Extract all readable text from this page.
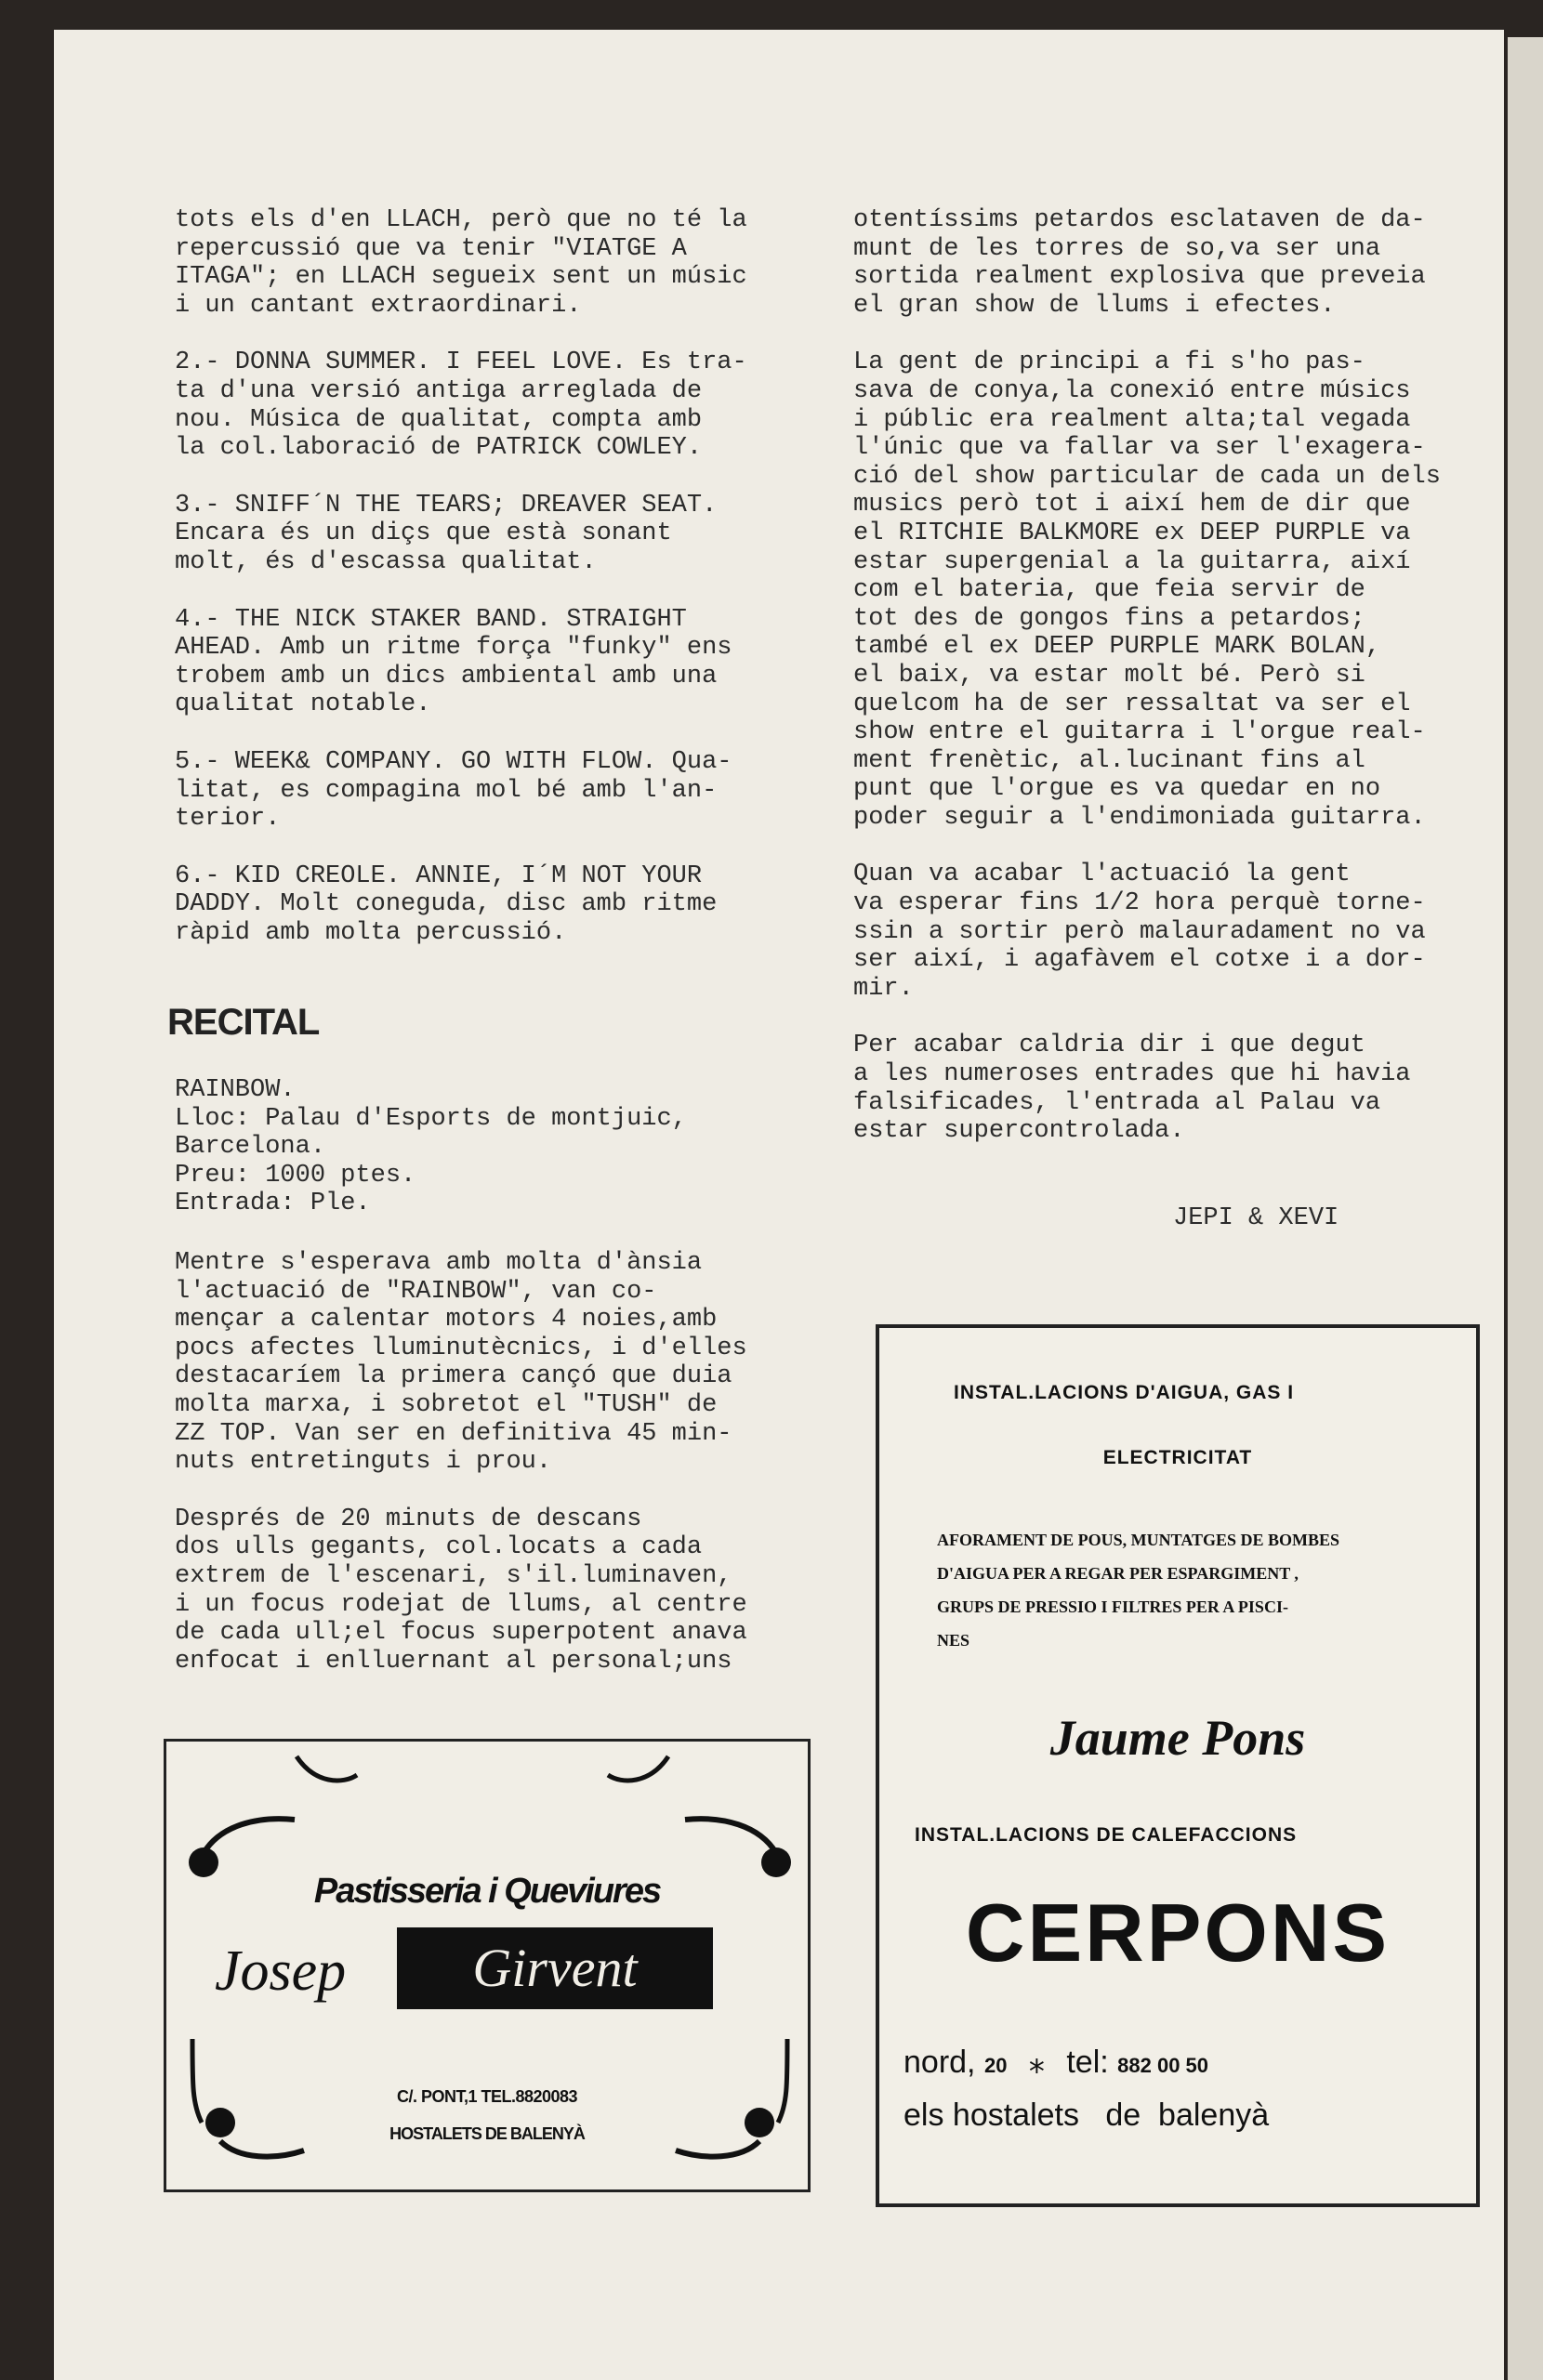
tots els d'en LLACH, però que no té la
repercussió que va tenir "VIATGE A
ITAGA"; en LLACH segueix sent un músic
i un cantant extraordinari.

2.- DONNA SUMMER. I FEEL LOVE. Es tra-
ta d'una versió antiga arreglada de
nou. Música de qualitat, compta amb
la col.laboració de PATRICK COWLEY.

3.- SNIFF´N THE TEARS; DREAVER SEAT.
Encara és un diçs que està sonant
molt, és d'escassa qualitat.

4.- THE NICK STAKER BAND. STRAIGHT
AHEAD. Amb un ritme força "funky" ens
trobem amb un dics ambiental amb una
qualitat notable.

5.- WEEK& COMPANY. GO WITH FLOW. Qua-
litat, es compagina mol bé amb l'an-
terior.

6.- KID CREOLE. ANNIE, I´M NOT YOUR
DADDY. Molt coneguda, disc amb ritme
ràpid amb molta percussió.

RECITAL
RAINBOW.
Lloc: Palau d'Esports de montjuic,
Barcelona.
Preu: 1000 ptes.
Entrada: Ple.

Mentre s'esperava amb molta d'ànsia l'actuació de "RAINBOW", van co-
mençar a calentar motors 4 noies,amb
pocs afectes lluminutècnics, i d'elles
destacaríem la primera cançó que duia
molta marxa, i sobretot el "TUSH" de
ZZ TOP. Van ser en definitiva 45 min-
nuts entretinguts i prou.

Després de 20 minuts de descans
dos ulls gegants, col.locats a cada
extrem de l'escenari, s'il.luminaven,
i un focus rodejat de llums, al centre
de cada ull;el focus superpotent anava
enfocat i enlluernant al personal;uns

otentíssims petardos esclataven de da-
munt de les torres de so,va ser una
sortida realment explosiva que preveia
el gran show de llums i efectes.

La gent de principi a fi s'ho pas-
sava de conya,la conexió entre músics
i públic era realment alta;tal vegada
l'únic que va fallar va ser l'exagera-
ció del show particular de cada un dels
musics però tot i així hem de dir que
el RITCHIE BALKMORE ex DEEP PURPLE va
estar supergenial a la guitarra, així
com el bateria, que feia servir de
tot des de gongos fins a petardos;
també el ex DEEP PURPLE MARK BOLAN,
el baix, va estar molt bé. Però si
quelcom ha de ser ressaltat va ser el
show entre el guitarra i l'orgue real-
ment frenètic, al.lucinant fins al
punt que l'orgue es va quedar en no
poder seguir a l'endimoniada guitarra.

Quan va acabar l'actuació la gent
va esperar fins 1/2 hora perquè torne-
ssin a sortir però malauradament no va
ser així, i agafàvem el cotxe i a dor-
mir.

Per acabar caldria dir i que degut
a les numeroses entrades que hi havia
falsificades, l'entrada al Palau va
estar supercontrolada.

JEPI & XEVI
Pastisseria i Queviures
Josep	Girvent
C/. PONT,1 TEL.8820083
HOSTALETS DE BALENYÀ
INSTAL.LACIONS D'AIGUA, GAS I
ELECTRICITAT
AFORAMENT DE POUS, MUNTATGES DE BOMBES
D'AIGUA PER A REGAR PER ESPARGIMENT ,
GRUPS DE PRESSIO I FILTRES PER A PISCI-
NES
Jaume Pons
INSTAL.LACIONS DE CALEFACCIONS
CERPONS
nord, 20 ⁎ tel: 882 00 50
els hostalets   de  balenyà
